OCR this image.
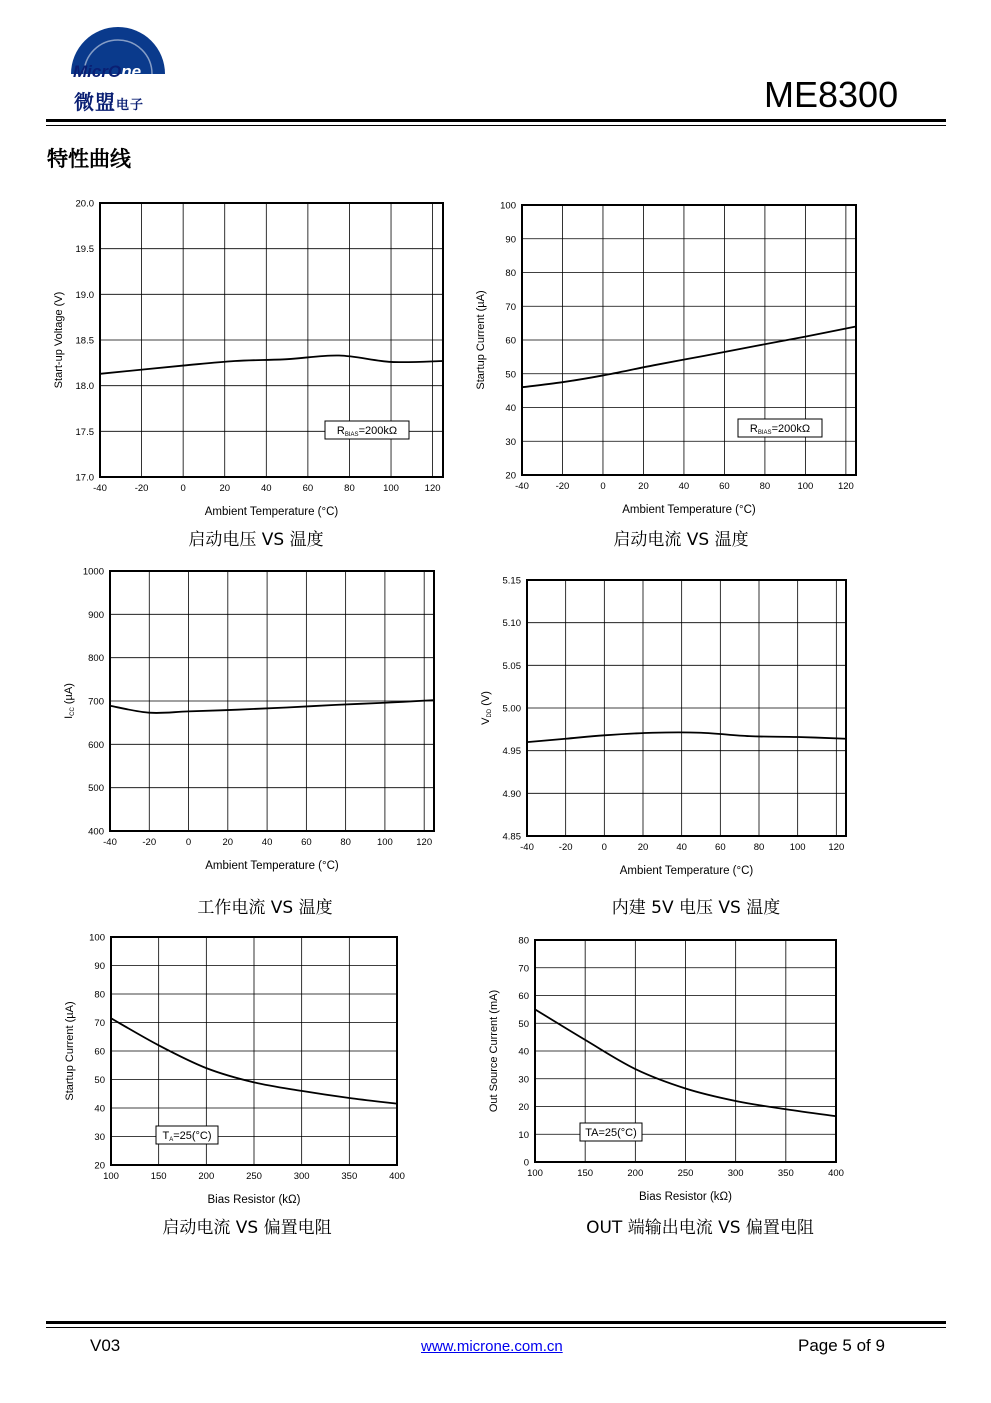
MicrOne
微盟电子	ME8300
特性曲线
-40	-20	0	20	40	60	80	100	120
17.0
17.5
18.0
18.5
19.0
19.5
20.0
Ambient Temperature (°C)
Start-up Voltage (V)
RBIAS=200kΩ
-40	-20	0	20	40	60	80	100	120
20
30
40
50
60
70
80
90
100
Ambient Temperature (°C)
Startup Current (µA)
RBIAS=200kΩ
-40	-20	0	20	40	60	80	100 120
400
500
600
700
800
900
1000
Ambient Temperature (°C)
ICC (µA)
-40	-20	0	20	40	60	80	100 120
4.85
4.90
4.95
5.00
5.05
5.10
5.15
Ambient Temperature (°C)
VDD (V)
100	150	200	250	300	350	400
20
30
40
50
60
70
80
90
100
Bias Resistor (kΩ)
Startup Current (µA)
TA=25(°C)
100	150	200	250	300	350	400
0
10
20
30
40
50
60
70
80
Bias Resistor (kΩ)
Out Source Current (mA)
TA=25(°C)
启动电压 VS 温度	启动电流 VS 温度
工作电流 VS 温度	内建 5V 电压 VS 温度
启动电流 VS 偏置电阻	OUT 端输出电流 VS 偏置电阻
V03	www.microne.com.cn	Page 5 of 9
